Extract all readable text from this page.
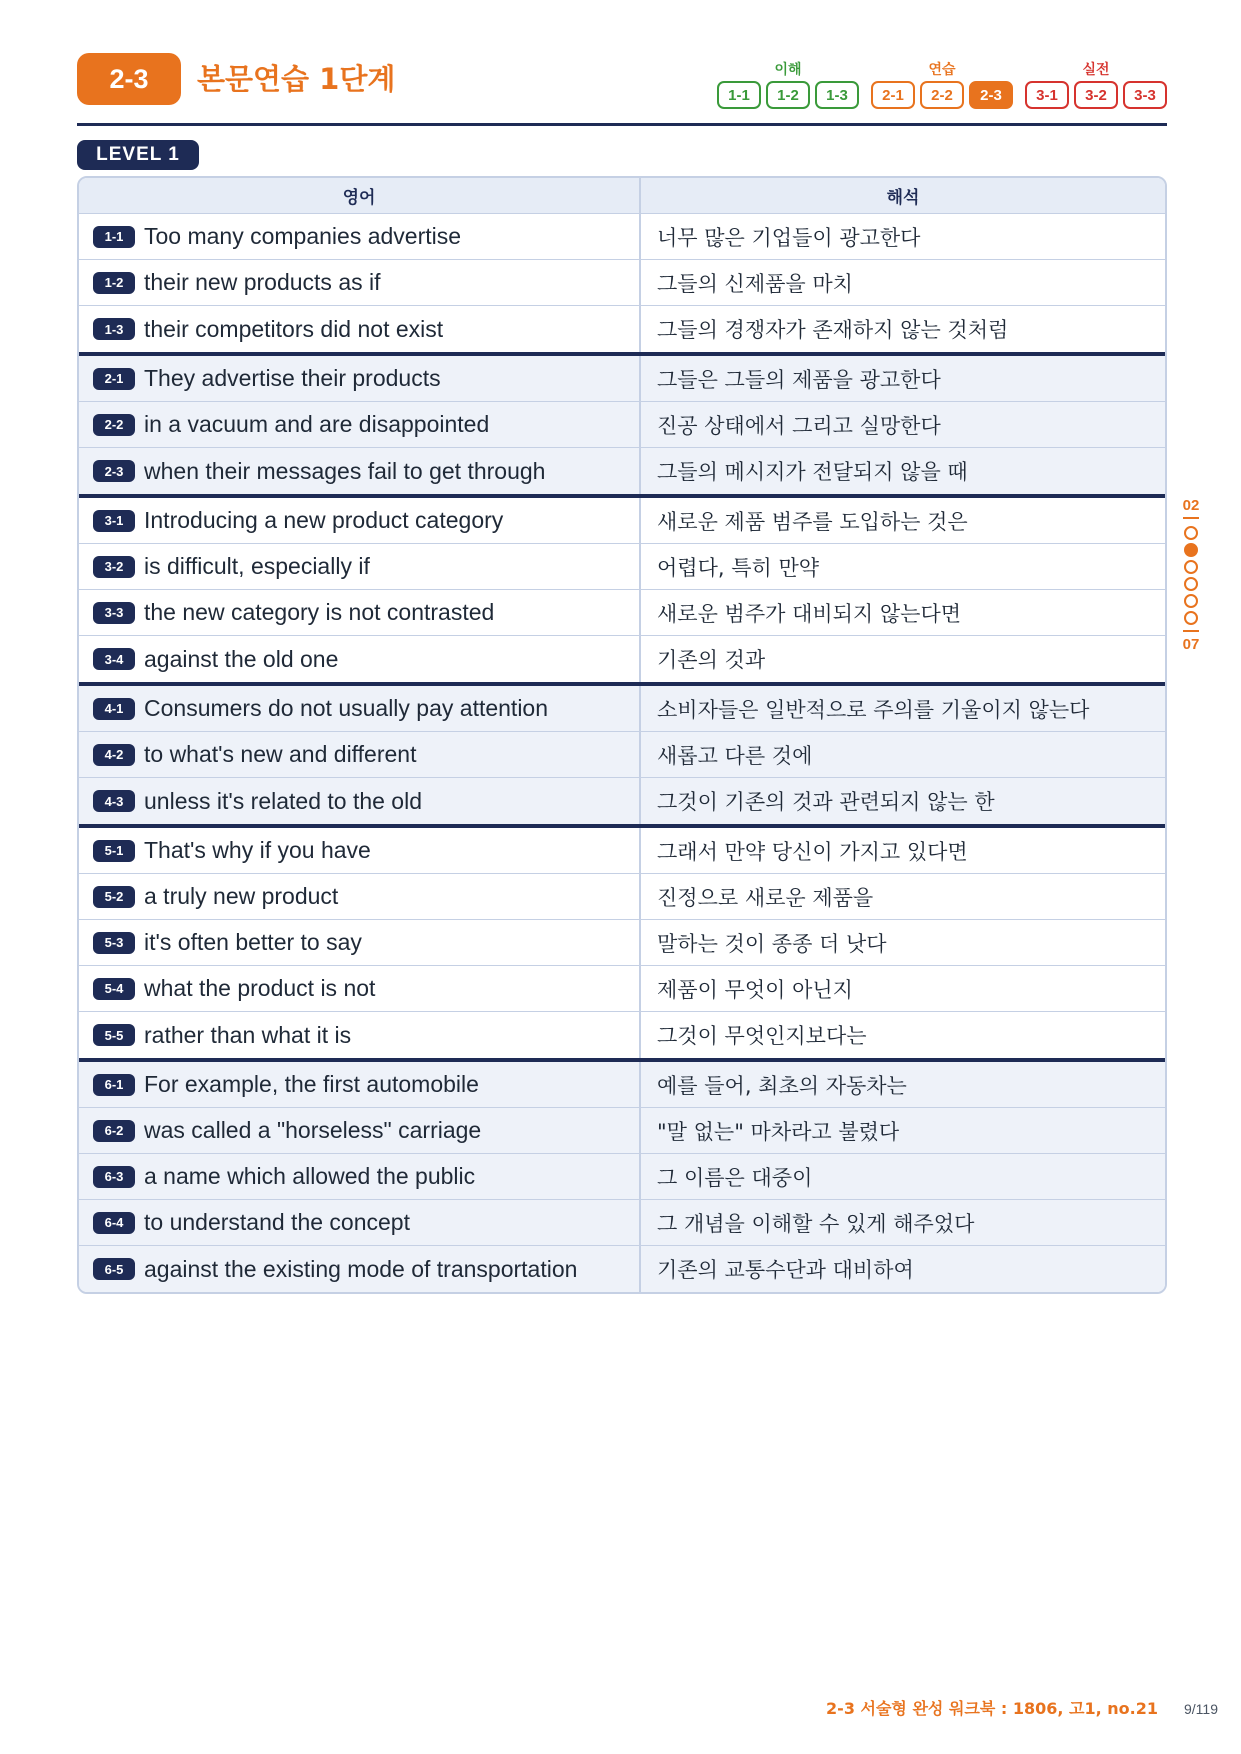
2-3	본문연습 1단계	이해
1-1	1-2	1-3
연습
2-1	2-2	2-3
실전
3-1	3-2	3-3
LEVEL 1
영어	해석
1-1 Too many companies advertise	너무 많은 기업들이 광고한다
1-2 their new products as if	그들의 신제품을 마치
1-3 their competitors did not exist	그들의 경쟁자가 존재하지 않는 것처럼
2-1 They advertise their products	그들은 그들의 제품을 광고한다
2-2 in a vacuum and are disappointed	진공 상태에서 그리고 실망한다
2-3 when their messages fail to get through	그들의 메시지가 전달되지 않을 때
3-1 Introducing a new product category	새로운 제품 범주를 도입하는 것은
3-2 is difficult, especially if	어렵다, 특히 만약
3-3 the new category is not contrasted	새로운 범주가 대비되지 않는다면
3-4 against the old one	기존의 것과
4-1 Consumers do not usually pay attention	소비자들은 일반적으로 주의를 기울이지 않는다
4-2 to what's new and different	새롭고 다른 것에
4-3 unless it's related to the old	그것이 기존의 것과 관련되지 않는 한
5-1 That's why if you have	그래서 만약 당신이 가지고 있다면
5-2 a truly new product	진정으로 새로운 제품을
5-3 it's often better to say	말하는 것이 종종 더 낫다
5-4 what the product is not	제품이 무엇이 아닌지
5-5 rather than what it is	그것이 무엇인지보다는
6-1 For example, the first automobile	예를 들어, 최초의 자동차는
6-2 was called a "horseless" carriage	"말 없는" 마차라고 불렸다
6-3 a name which allowed the public	그 이름은 대중이
6-4 to understand the concept	그 개념을 이해할 수 있게 해주었다
6-5 against the existing mode of transportation	기존의 교통수단과 대비하여
02
07
2-3 서술형 완성 워크북 : 1806, 고1, no.21 9/119
